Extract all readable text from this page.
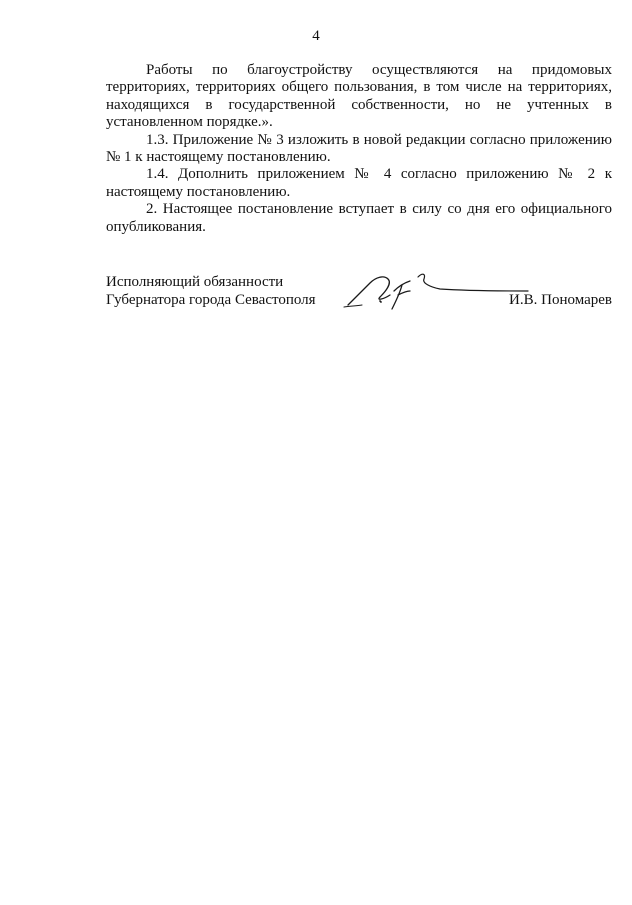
4

Работы по благоустройству осуществляются на придомовых территориях, территориях общего пользования, в том числе на территориях, находящихся в государственной собственности, но не учтенных в установленном порядке.».

1.3. Приложение № 3 изложить в новой редакции согласно приложению № 1 к настоящему постановлению.

1.4. Дополнить приложением № 4 согласно приложению № 2 к настоящему постановлению.

2. Настоящее постановление вступает в силу со дня его официального опубликования.

Исполняющий обязанности
Губернатора города Севастополя	И.В. Пономарев
